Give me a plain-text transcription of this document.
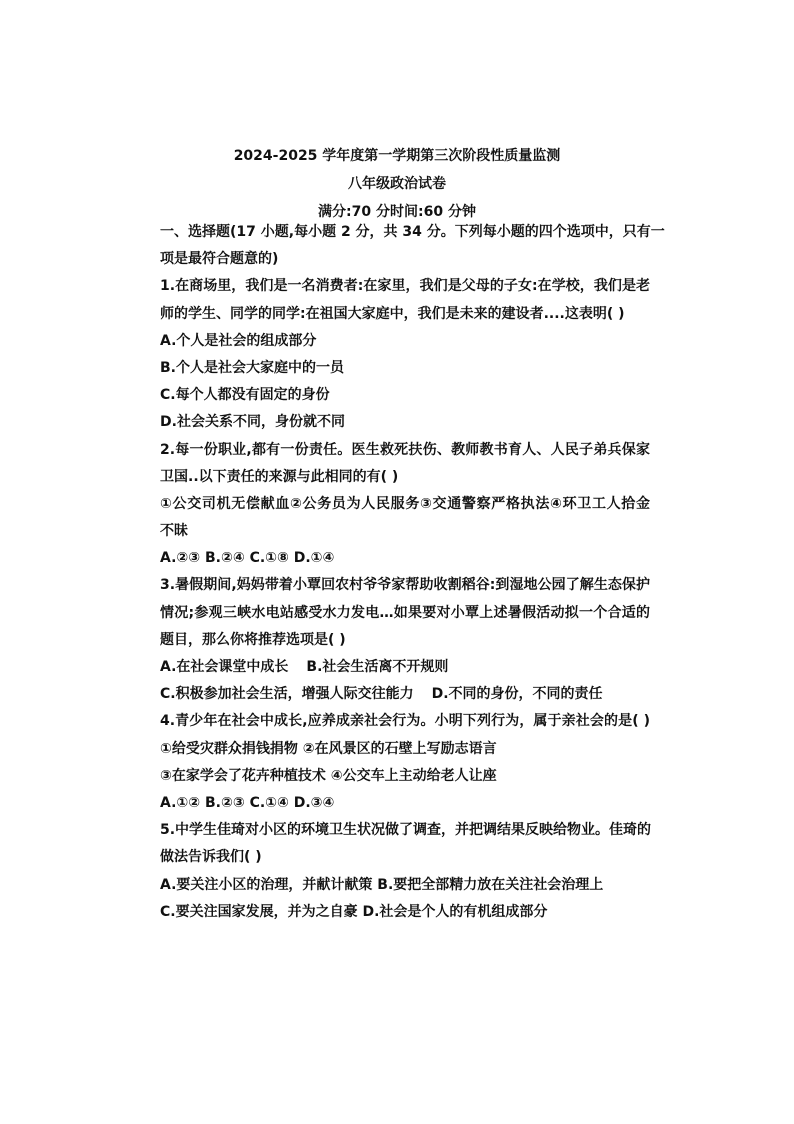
2024-2025 学年度第一学期第三次阶段性质量监测
八年级政治试卷
满分:70 分时间:60 分钟
一、选择题(17 小题,每小题 2 分，共 34 分。下列每小题的四个选项中，只有一
项是最符合题意的)
1.在商场里，我们是一名消费者:在家里，我们是父母的子女:在学校，我们是老
师的学生、同学的同学:在祖国大家庭中，我们是未来的建设者....这表明( )
A.个人是社会的组成部分
B.个人是社会大家庭中的一员
C.每个人都没有固定的身份
D.社会关系不同，身份就不同
2.每一份职业,都有一份责任。医生救死扶伤、教师教书育人、人民子弟兵保家
卫国..以下责任的来源与此相同的有( )
①公交司机无偿献血②公务员为人民服务③交通警察严格执法④环卫工人拾金
不昧
A.②③ B.②④ C.①⑧ D.①④
3.暑假期间,妈妈带着小覃回农村爷爷家帮助收割稻谷:到湿地公园了解生态保护
情况;参观三峡水电站感受水力发电…如果要对小覃上述暑假活动拟一个合适的
题目，那么你将推荐选项是( )
A.在社会课堂中成长 B.社会生活离不开规则
C.积极参加社会生活，增强人际交往能力 D.不同的身份，不同的责任
4.青少年在社会中成长,应养成亲社会行为。小明下列行为，属于亲社会的是( )
①给受灾群众捐钱捐物 ②在风景区的石壁上写励志语言
③在家学会了花卉种植技术 ④公交车上主动给老人让座
A.①② B.②③ C.①④ D.③④
5.中学生佳琦对小区的环境卫生状况做了调查，并把调结果反映给物业。佳琦的
做法告诉我们( )
A.要关注小区的治理，并献计献策 B.要把全部精力放在关注社会治理上
C.要关注国家发展，并为之自豪 D.社会是个人的有机组成部分
